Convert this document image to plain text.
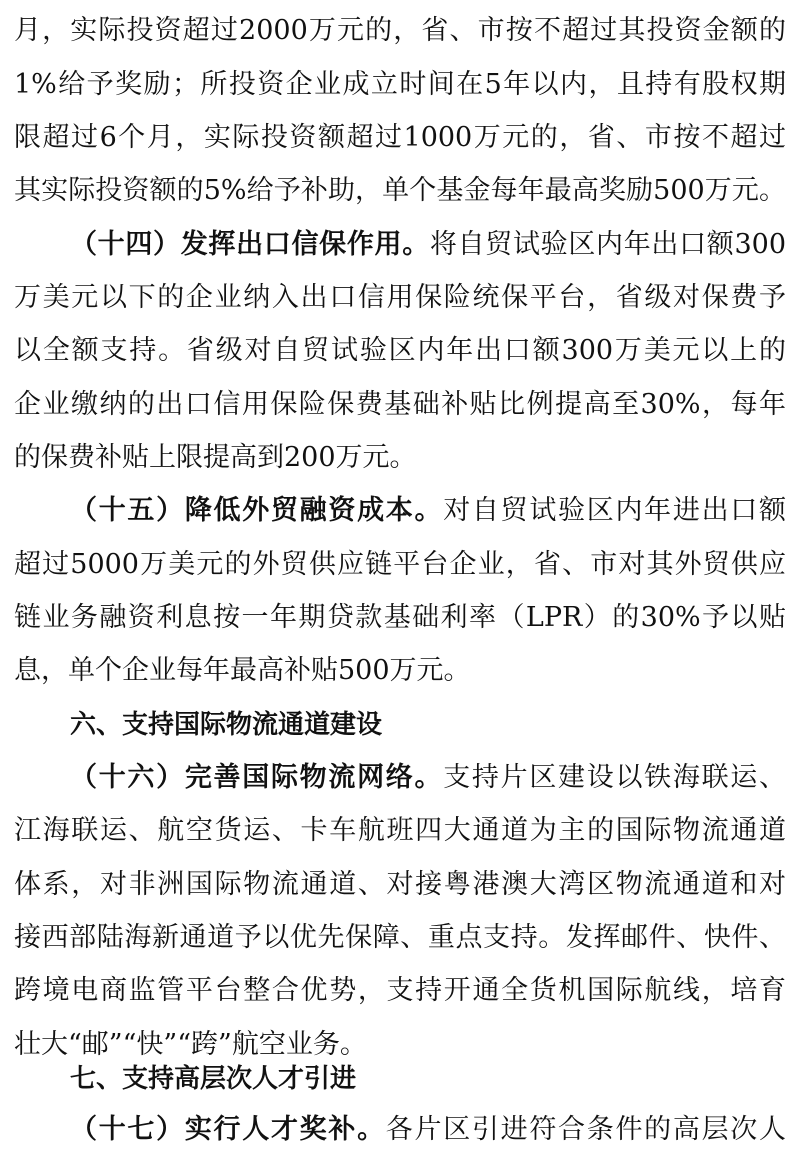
月，实际投资超过2000万元的，省、市按不超过其投资金额的
1%给予奖励；所投资企业成立时间在5年以内，且持有股权期
限超过6个月，实际投资额超过1000万元的，省、市按不超过
其实际投资额的5%给予补助，单个基金每年最高奖励500万元。
（十四）发挥出口信保作用。将自贸试验区内年出口额300
万美元以下的企业纳入出口信用保险统保平台，省级对保费予
以全额支持。省级对自贸试验区内年出口额300万美元以上的
企业缴纳的出口信用保险保费基础补贴比例提高至30%，每年
的保费补贴上限提高到200万元。
（十五）降低外贸融资成本。对自贸试验区内年进出口额
超过5000万美元的外贸供应链平台企业，省、市对其外贸供应
链业务融资利息按一年期贷款基础利率（LPR）的30%予以贴
息，单个企业每年最高补贴500万元。
六、支持国际物流通道建设
（十六）完善国际物流网络。支持片区建设以铁海联运、
江海联运、航空货运、卡车航班四大通道为主的国际物流通道
体系，对非洲国际物流通道、对接粤港澳大湾区物流通道和对
接西部陆海新通道予以优先保障、重点支持。发挥邮件、快件、
跨境电商监管平台整合优势，支持开通全货机国际航线，培育
壮大“邮”“快”“跨”航空业务。
七、支持高层次人才引进
（十七）实行人才奖补。各片区引进符合条件的高层次人
